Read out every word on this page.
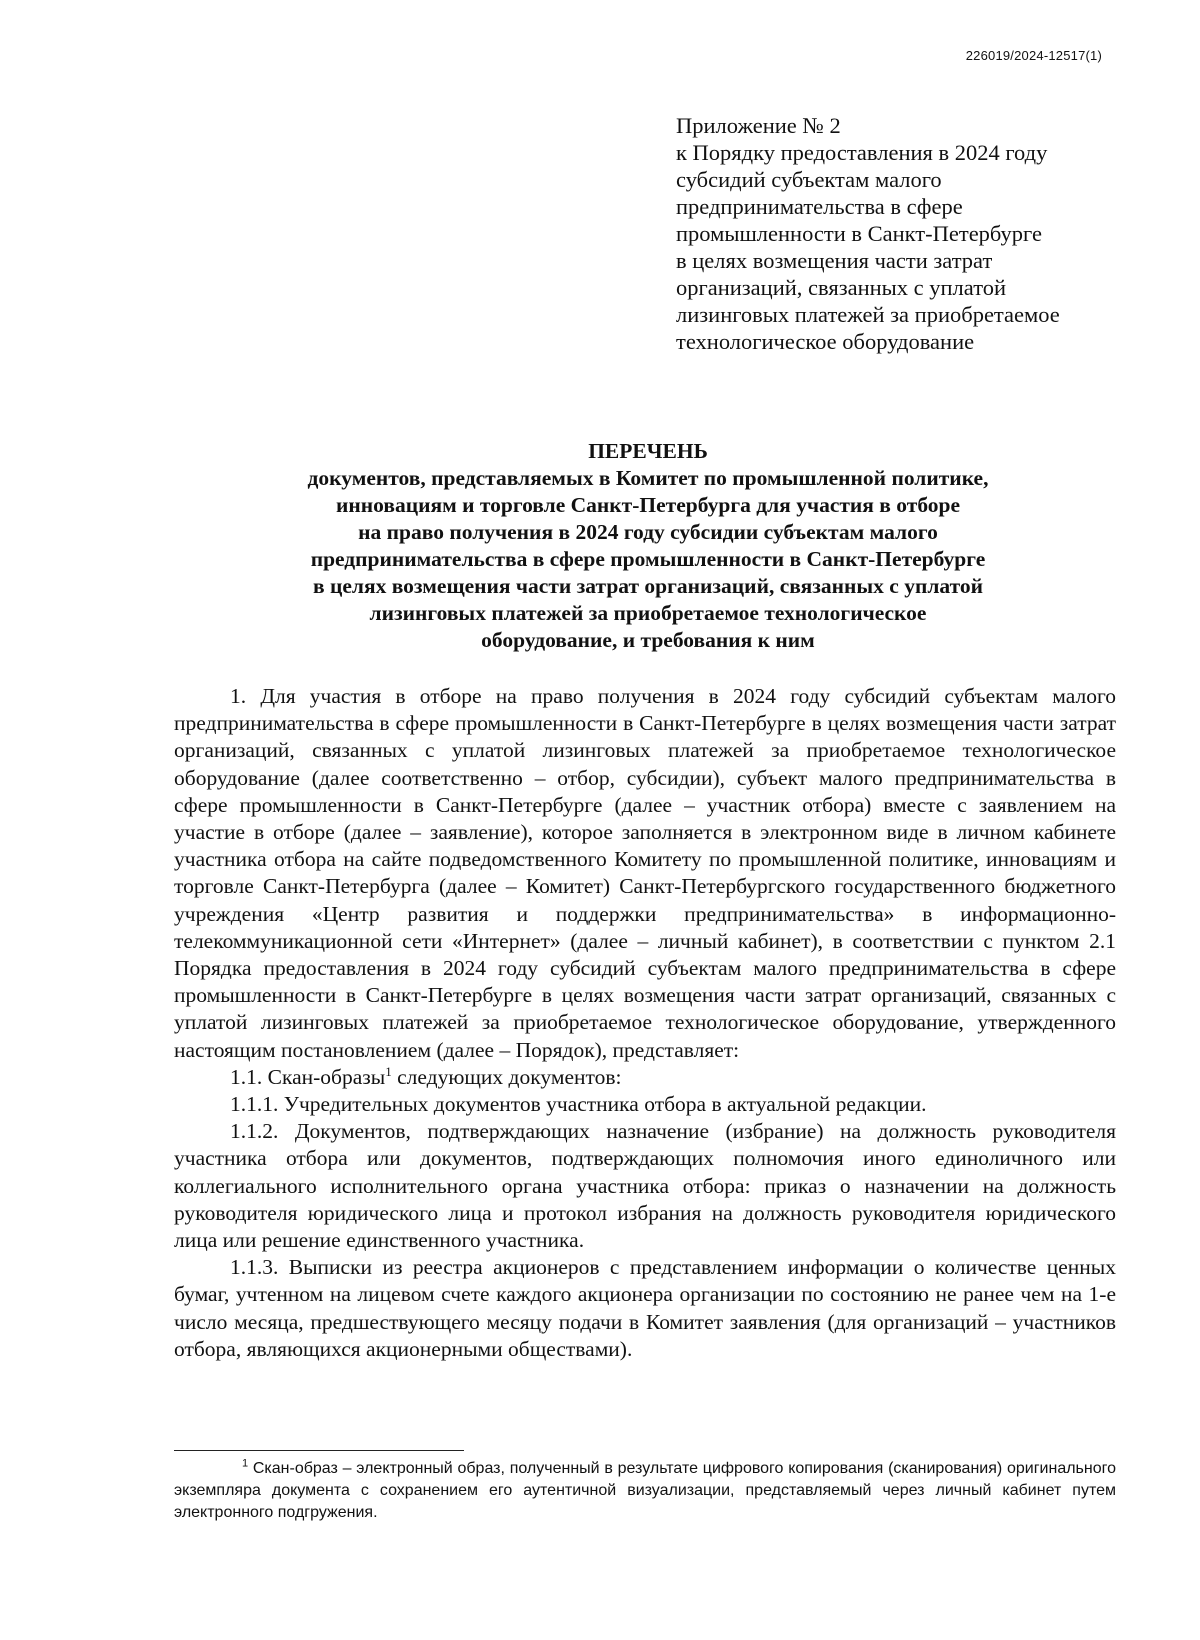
226019/2024-12517(1)
Приложение № 2
к Порядку предоставления в 2024 году
субсидий субъектам малого
предпринимательства в сфере
промышленности в Санкт-Петербурге
в целях возмещения части затрат
организаций, связанных с уплатой
лизинговых платежей за приобретаемое
технологическое оборудование
ПЕРЕЧЕНЬ
документов, представляемых в Комитет по промышленной политике,
инновациям и торговле Санкт-Петербурга для участия в отборе
на право получения в 2024 году субсидии субъектам малого
предпринимательства в сфере промышленности в Санкт-Петербурге
в целях возмещения части затрат организаций, связанных с уплатой
лизинговых платежей за приобретаемое технологическое
оборудование, и требования к ним

1. Для участия в отборе на право получения в 2024 году субсидий субъектам малого предпринимательства в сфере промышленности в Санкт-Петербурге в целях возмещения части затрат организаций, связанных с уплатой лизинговых платежей за приобретаемое технологическое оборудование (далее соответственно – отбор, субсидии), субъект малого предпринимательства в сфере промышленности в Санкт-Петербурге (далее – участник отбора) вместе с заявлением на участие в отборе (далее – заявление), которое заполняется в электронном виде в личном кабинете участника отбора на сайте подведомственного Комитету по промышленной политике, инновациям и торговле Санкт-Петербурга (далее – Комитет) Санкт-Петербургского государственного бюджетного учреждения «Центр развития и поддержки предпринимательства» в информационно-телекоммуникационной сети «Интернет» (далее – личный кабинет), в соответствии с пунктом 2.1 Порядка предоставления в 2024 году субсидий субъектам малого предпринимательства в сфере промышленности в Санкт-Петербурге в целях возмещения части затрат организаций, связанных с уплатой лизинговых платежей за приобретаемое технологическое оборудование, утвержденного настоящим постановлением (далее – Порядок), представляет:

1.1. Скан-образы$^1$ следующих документов:

1.1.1. Учредительных документов участника отбора в актуальной редакции.

1.1.2. Документов, подтверждающих назначение (избрание) на должность руководителя участника отбора или документов, подтверждающих полномочия иного единоличного или коллегиального исполнительного органа участника отбора: приказ о назначении на должность руководителя юридического лица и протокол избрания на должность руководителя юридического лица или решение единственного участника.

1.1.3. Выписки из реестра акционеров с представлением информации о количестве ценных бумаг, учтенном на лицевом счете каждого акционера организации по состоянию не ранее чем на 1-е число месяца, предшествующего месяцу подачи в Комитет заявления (для организаций – участников отбора, являющихся акционерными обществами).

$^1$ Скан-образ – электронный образ, полученный в результате цифрового копирования (сканирования) оригинального экземпляра документа с сохранением его аутентичной визуализации, представляемый через личный кабинет путем электронного подгружения.
